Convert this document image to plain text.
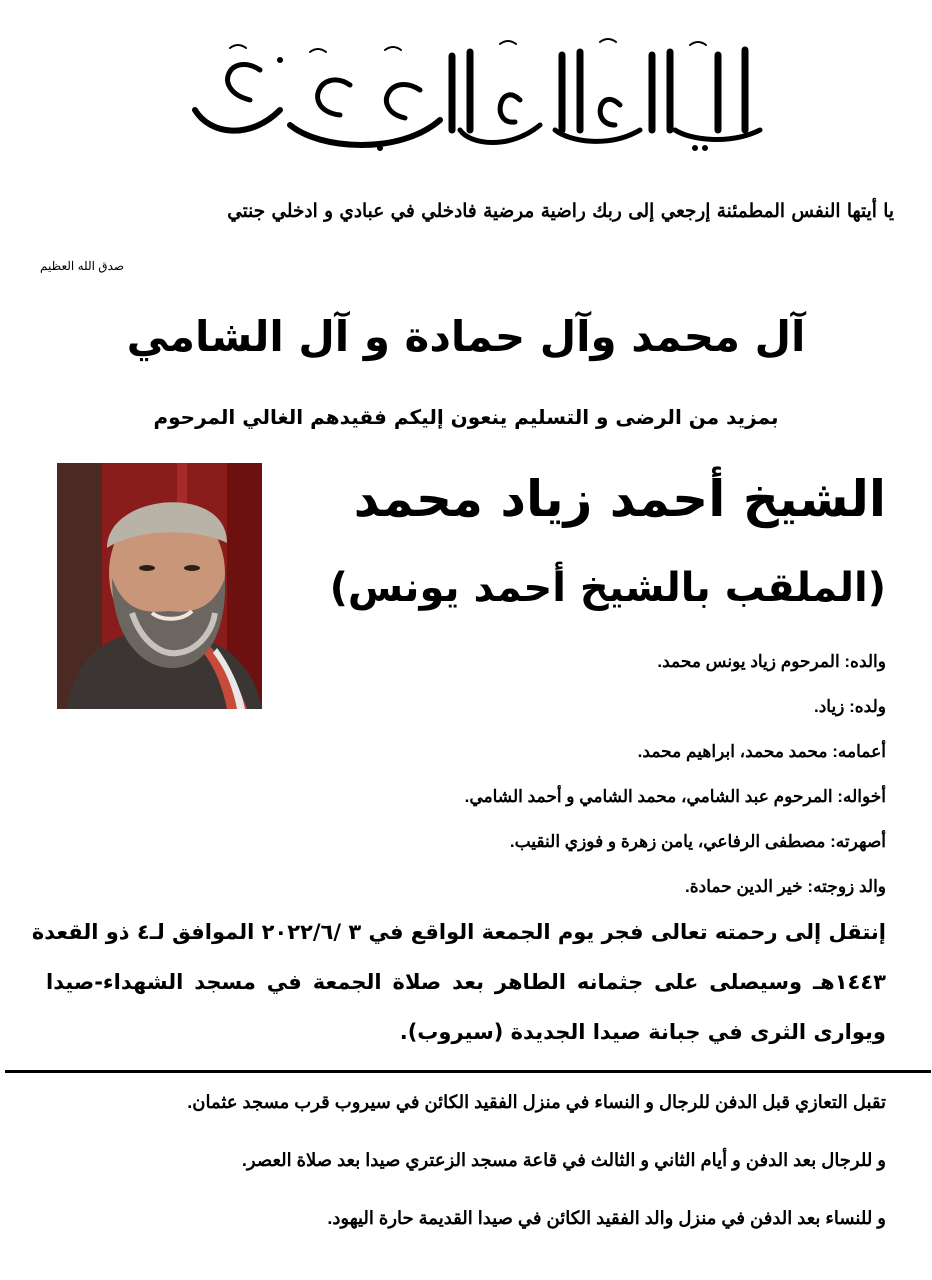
يا أيتها النفس المطمئنة إرجعي إلى ربك راضية مرضية فادخلي في عبادي و ادخلي جنتي
صدق الله العظيم
آل محمد وآل حمادة و آل الشامي
بمزيد من الرضى و التسليم ينعون إليكم فقيدهم الغالي المرحوم
الشيخ أحمد زياد محمد
(الملقب بالشيخ أحمد يونس)
والده: المرحوم زياد يونس محمد.
ولده: زياد.
أعمامه: محمد محمد، ابراهيم محمد.
أخواله: المرحوم عبد الشامي، محمد الشامي و أحمد الشامي.
أصهرته: مصطفى الرفاعي، يامن زهرة و فوزي النقيب.
والد زوجته: خير الدين حمادة.
إنتقل إلى رحمته تعالى فجر يوم الجمعة الواقع في ٣ /٢٠٢٢/٦ الموافق لـ٤ ذو القعدة
١٤٤٣هـ وسيصلى على جثمانه الطاهر بعد صلاة الجمعة في مسجد الشهداء-صيدا
ويوارى الثرى في جبانة صيدا الجديدة (سيروب).
تقبل التعازي قبل الدفن للرجال و النساء في منزل الفقيد الكائن في سيروب قرب مسجد عثمان.
و للرجال بعد الدفن و أيام الثاني و الثالث في قاعة مسجد الزعتري صيدا بعد صلاة العصر.
و للنساء بعد الدفن في منزل والد الفقيد الكائن في صيدا القديمة حارة اليهود.
